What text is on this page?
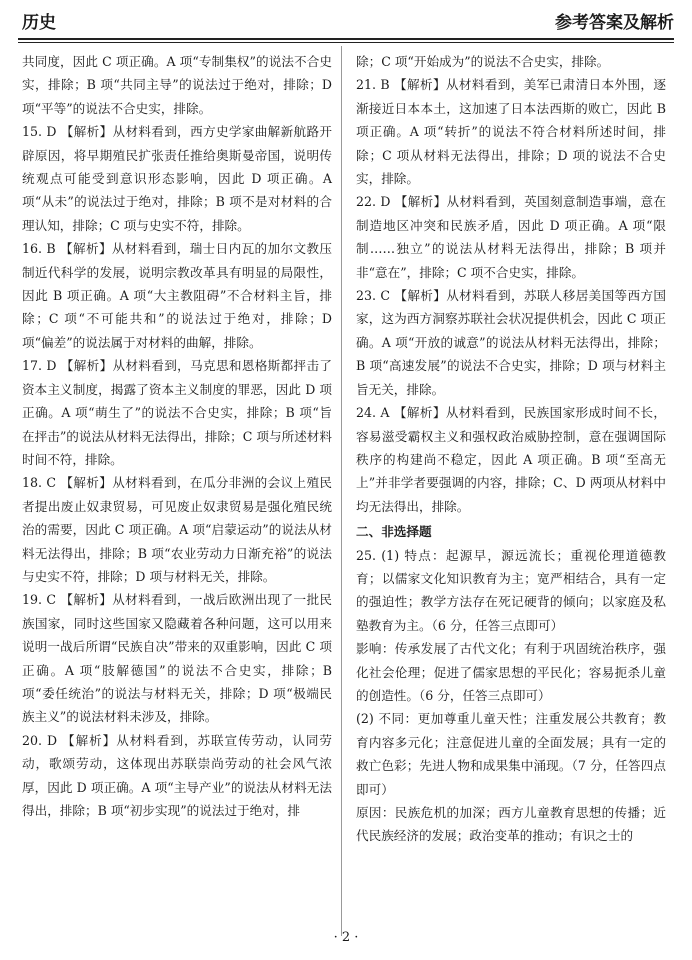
历史	参考答案及解析

共同度，因此 C 项正确。A 项“专制集权”的说法不合史实，排除；B 项“共同主导”的说法过于绝对，排除；D 项“平等”的说法不合史实，排除。

15. D 【解析】从材料看到，西方史学家曲解新航路开辟原因，将早期殖民扩张责任推给奥斯曼帝国，说明传统观点可能受到意识形态影响，因此 D 项正确。A 项“从未”的说法过于绝对，排除；B 项不是对材料的合理认知，排除；C 项与史实不符，排除。

16. B 【解析】从材料看到，瑞士日内瓦的加尔文教压制近代科学的发展，说明宗教改革具有明显的局限性，因此 B 项正确。A 项“大主教阻碍”不合材料主旨，排除；C 项“不可能共和”的说法过于绝对，排除；D 项“偏差”的说法属于对材料的曲解，排除。

17. D 【解析】从材料看到，马克思和恩格斯都抨击了资本主义制度，揭露了资本主义制度的罪恶，因此 D 项正确。A 项“萌生了”的说法不合史实，排除；B 项“旨在抨击”的说法从材料无法得出，排除；C 项与所述材料时间不符，排除。

18. C 【解析】从材料看到，在瓜分非洲的会议上殖民者提出废止奴隶贸易，可见废止奴隶贸易是强化殖民统治的需要，因此 C 项正确。A 项“启蒙运动”的说法从材料无法得出，排除；B 项“农业劳动力日渐充裕”的说法与史实不符，排除；D 项与材料无关，排除。

19. C 【解析】从材料看到，一战后欧洲出现了一批民族国家，同时这些国家又隐藏着各种问题，这可以用来说明一战后所谓“民族自决”带来的双重影响，因此 C 项正确。A 项“肢解德国”的说法不合史实，排除；B 项“委任统治”的说法与材料无关，排除；D 项“极端民族主义”的说法材料未涉及，排除。

20. D 【解析】从材料看到，苏联宣传劳动，认同劳动，歌颂劳动，这体现出苏联崇尚劳动的社会风气浓厚，因此 D 项正确。A 项“主导产业”的说法从材料无法得出，排除；B 项“初步实现”的说法过于绝对，排

除；C 项“开始成为”的说法不合史实，排除。

21. B 【解析】从材料看到，美军已肃清日本外围，逐渐接近日本本土，这加速了日本法西斯的败亡，因此 B 项正确。A 项“转折”的说法不符合材料所述时间，排除；C 项从材料无法得出，排除；D 项的说法不合史实，排除。

22. D 【解析】从材料看到，英国刻意制造事端，意在制造地区冲突和民族矛盾，因此 D 项正确。A 项“限制……独立”的说法从材料无法得出，排除；B 项并非“意在”，排除；C 项不合史实，排除。

23. C 【解析】从材料看到，苏联人移居美国等西方国家，这为西方洞察苏联社会状况提供机会，因此 C 项正确。A 项“开放的诚意”的说法从材料无法得出，排除；B 项“高速发展”的说法不合史实，排除；D 项与材料主旨无关，排除。

24. A 【解析】从材料看到，民族国家形成时间不长，容易滋受霸权主义和强权政治威胁控制，意在强调国际秩序的构建尚不稳定，因此 A 项正确。B 项“至高无上”并非学者要强调的内容，排除；C、D 两项从材料中均无法得出，排除。

二、非选择题

25. (1) 特点：起源早，源远流长；重视伦理道德教育；以儒家文化知识教育为主；宽严相结合，具有一定的强迫性；教学方法存在死记硬背的倾向；以家庭及私塾教育为主。（6 分，任答三点即可）

影响：传承发展了古代文化；有利于巩固统治秩序，强化社会伦理；促进了儒家思想的平民化；容易扼杀儿童的创造性。（6 分，任答三点即可）

(2) 不同：更加尊重儿童天性；注重发展公共教育；教育内容多元化；注意促进儿童的全面发展；具有一定的救亡色彩；先进人物和成果集中涌现。（7 分，任答四点即可）

原因：民族危机的加深；西方儿童教育思想的传播；近代民族经济的发展；政治变革的推动；有识之士的

· 2 ·
